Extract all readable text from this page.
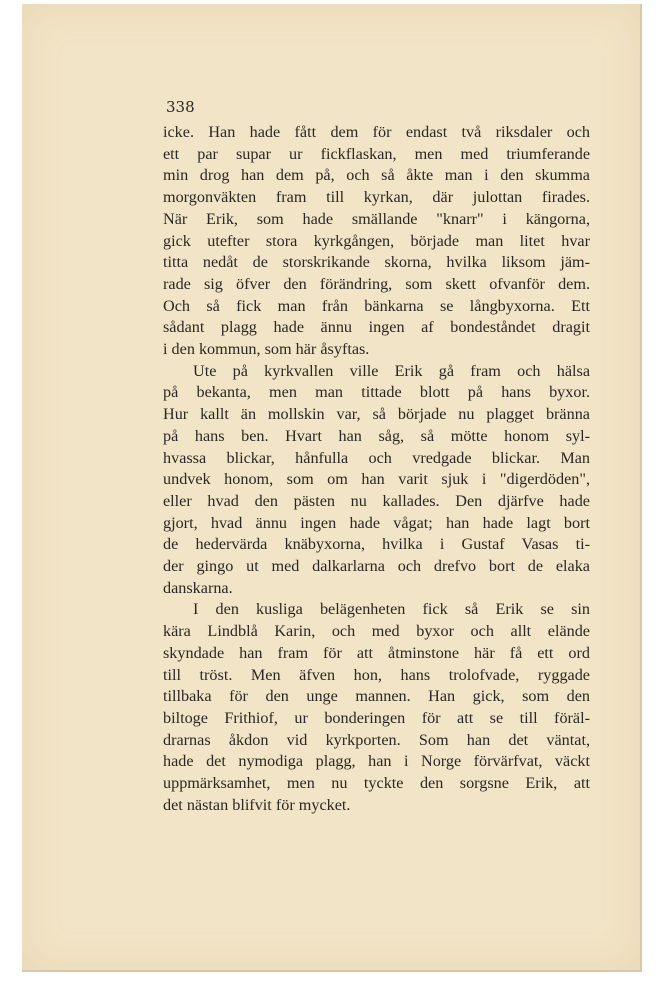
338

icke. Han hade fått dem för endast två riksdaler och
ett par supar ur fickflaskan, men med triumferande
min drog han dem på, och så åkte man i den skumma
morgonväkten fram till kyrkan, där julottan firades.
När Erik, som hade smällande "knarr" i kängorna,
gick utefter stora kyrkgången, började man litet hvar
titta nedåt de storskrikande skorna, hvilka liksom jäm-
rade sig öfver den förändring, som skett ofvanför dem.
Och så fick man från bänkarna se långbyxorna. Ett
sådant plagg hade ännu ingen af bondeståndet dragit
i den kommun, som här åsyftas.
Ute på kyrkvallen ville Erik gå fram och hälsa
på bekanta, men man tittade blott på hans byxor.
Hur kallt än mollskin var, så började nu plagget bränna
på hans ben. Hvart han såg, så mötte honom syl-
hvassa blickar, hånfulla och vredgade blickar. Man
undvek honom, som om han varit sjuk i "digerdöden",
eller hvad den pästen nu kallades. Den djärfve hade
gjort, hvad ännu ingen hade vågat; han hade lagt bort
de hedervärda knäbyxorna, hvilka i Gustaf Vasas ti-
der gingo ut med dalkarlarna och drefvo bort de elaka
danskarna.
I den kusliga belägenheten fick så Erik se sin
kära Lindblå Karin, och med byxor och allt elände
skyndade han fram för att åtminstone här få ett ord
till tröst. Men äfven hon, hans trolofvade, ryggade
tillbaka för den unge mannen. Han gick, som den
biltoge Frithiof, ur bonderingen för att se till föräl-
drarnas åkdon vid kyrkporten. Som han det väntat,
hade det nymodiga plagg, han i Norge förvärfvat, väckt
uppmärksamhet, men nu tyckte den sorgsne Erik, att
det nästan blifvit för mycket.
